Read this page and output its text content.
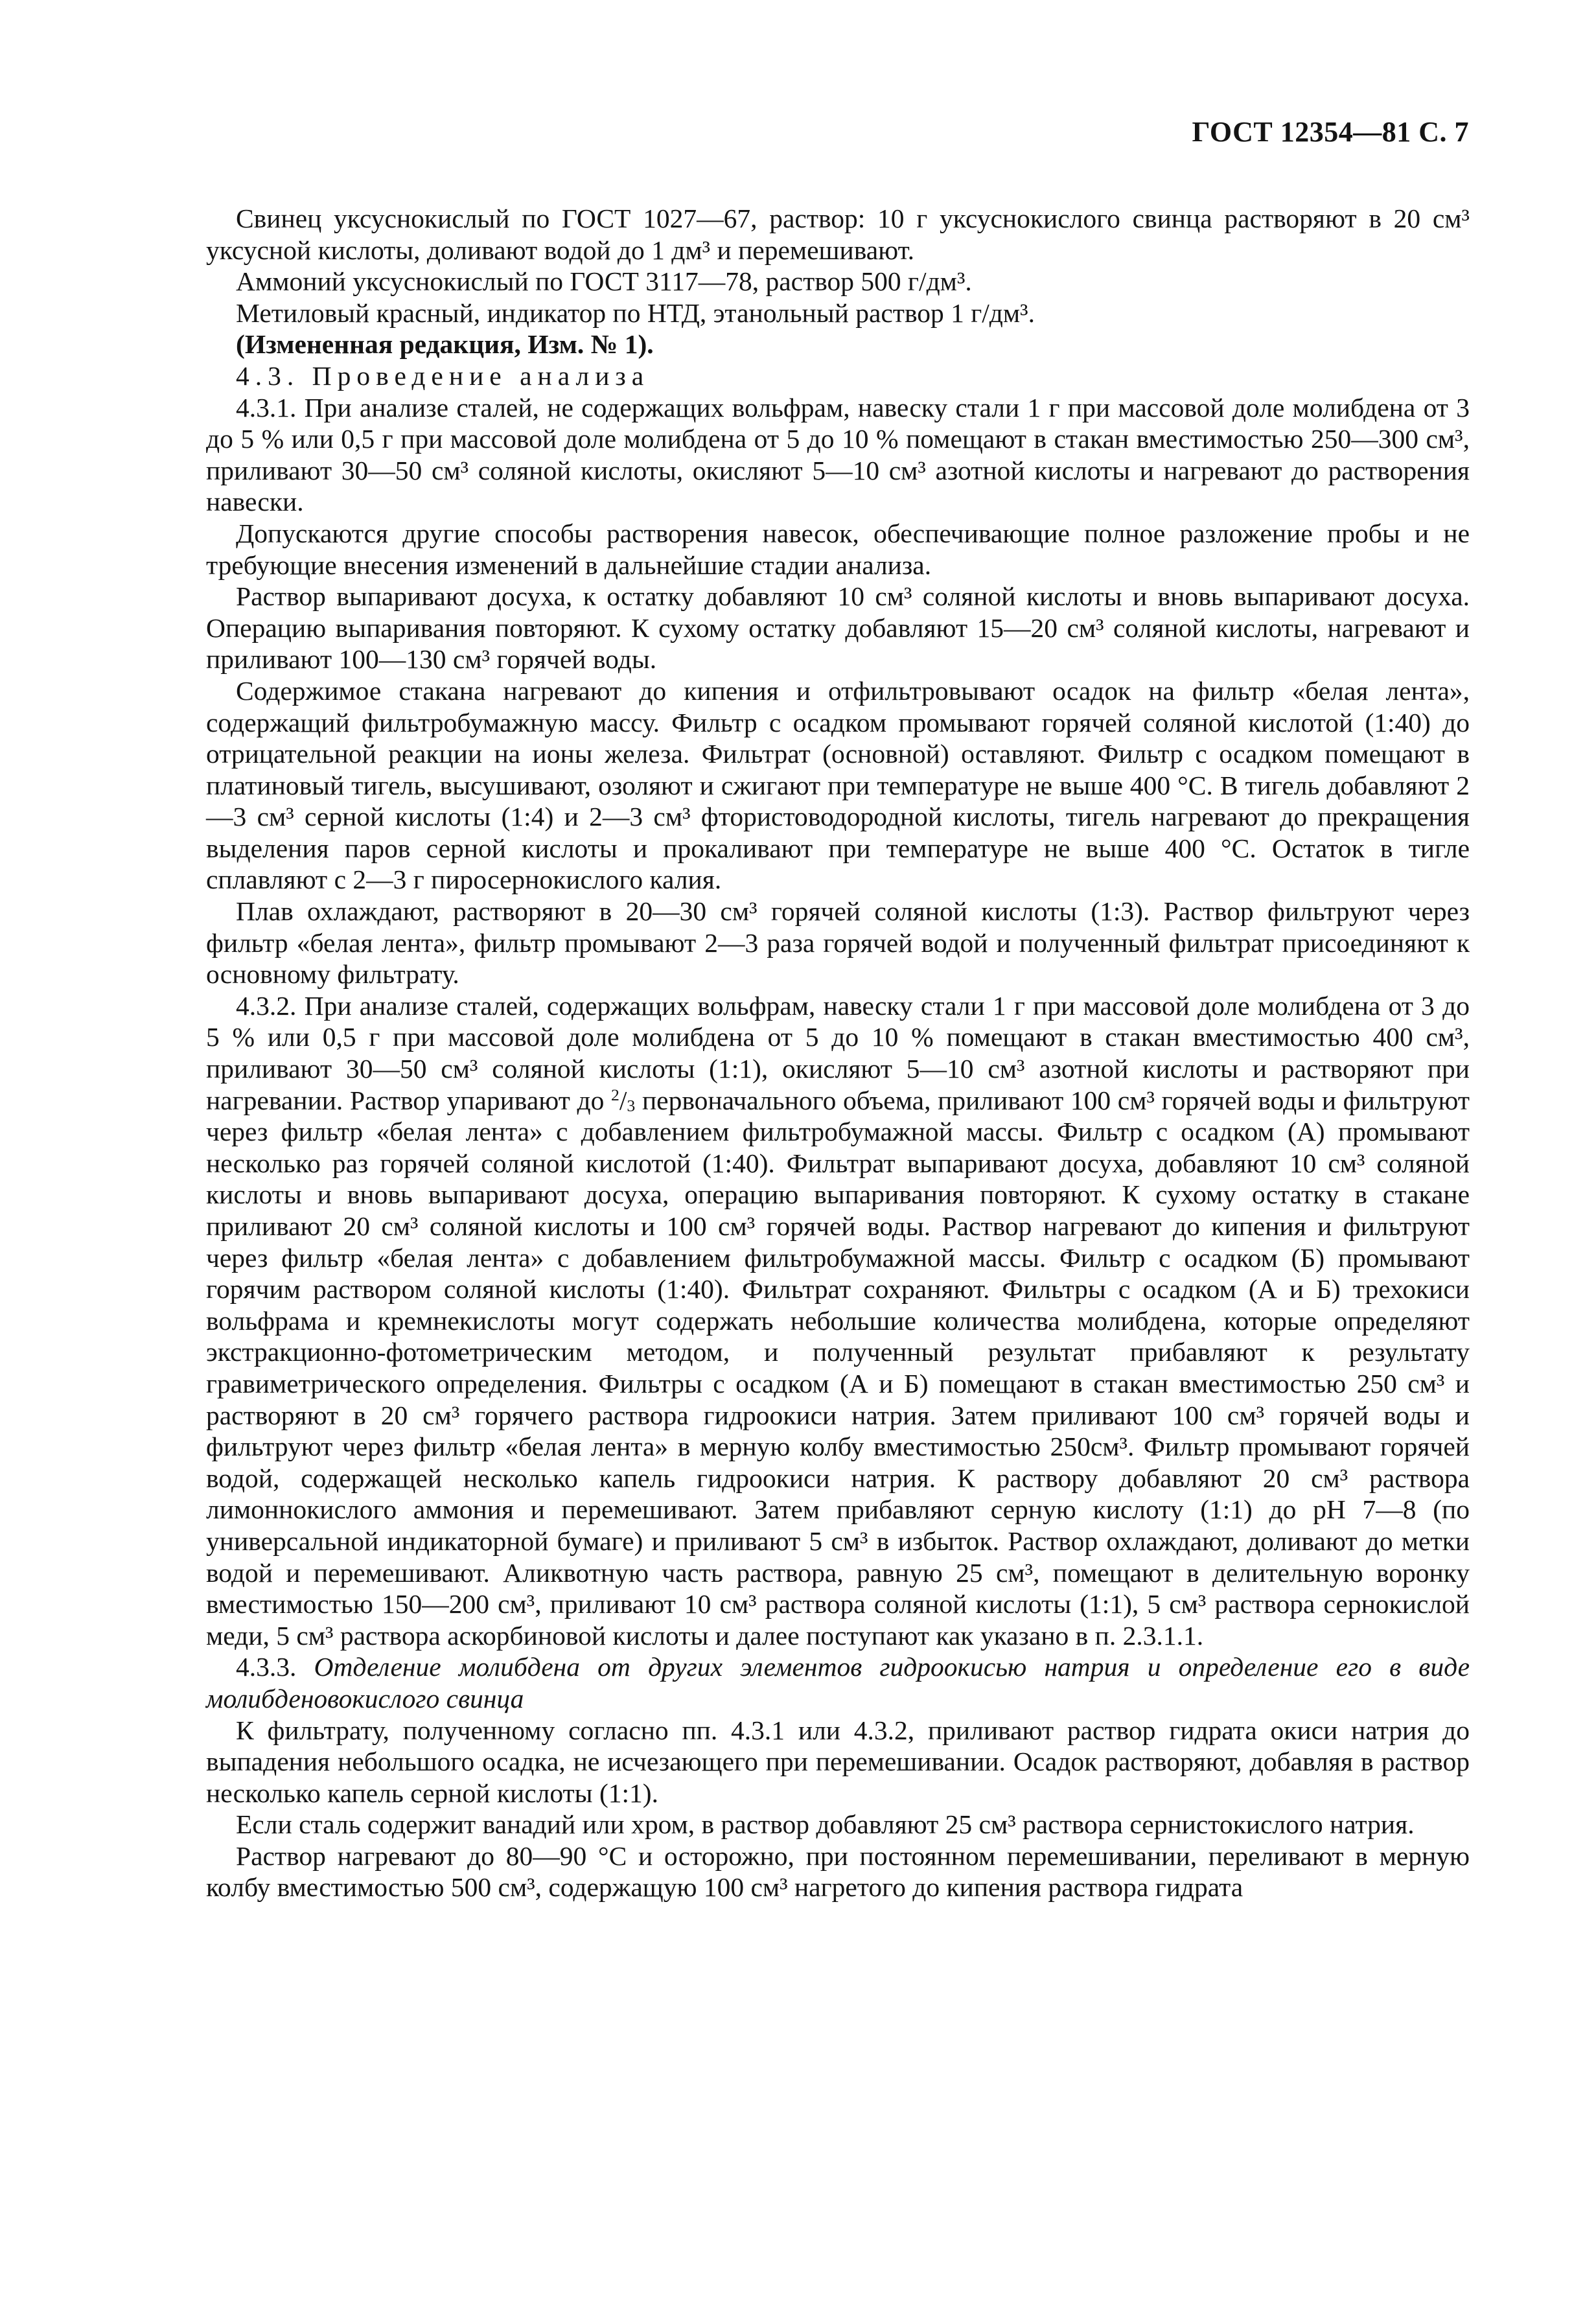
ГОСТ 12354—81 С. 7

Свинец уксуснокислый по ГОСТ 1027—67, раствор: 10 г уксуснокислого свинца растворяют в 20 см³ уксусной кислоты, доливают водой до 1 дм³ и перемешивают.

Аммоний уксуснокислый по ГОСТ 3117—78, раствор 500 г/дм³.

Метиловый красный, индикатор по НТД, этанольный раствор 1 г/дм³.

(Измененная редакция, Изм. № 1).

4.3. Проведение анализа

4.3.1. При анализе сталей, не содержащих вольфрам, навеску стали 1 г при массовой доле молибдена от 3 до 5 % или 0,5 г при массовой доле молибдена от 5 до 10 % помещают в стакан вместимостью 250—300 см³, приливают 30—50 см³ соляной кислоты, окисляют 5—10 см³ азотной кислоты и нагревают до растворения навески.

Допускаются другие способы растворения навесок, обеспечивающие полное разложение пробы и не требующие внесения изменений в дальнейшие стадии анализа.

Раствор выпаривают досуха, к остатку добавляют 10 см³ соляной кислоты и вновь выпаривают досуха. Операцию выпаривания повторяют. К сухому остатку добавляют 15—20 см³ соляной кислоты, нагревают и приливают 100—130 см³ горячей воды.

Содержимое стакана нагревают до кипения и отфильтровывают осадок на фильтр «белая лента», содержащий фильтробумажную массу. Фильтр с осадком промывают горячей соляной кислотой (1:40) до отрицательной реакции на ионы железа. Фильтрат (основной) оставляют. Фильтр с осадком помещают в платиновый тигель, высушивают, озоляют и сжигают при температуре не выше 400 °С. В тигель добавляют 2—3 см³ серной кислоты (1:4) и 2—3 см³ фтористоводородной кислоты, тигель нагревают до прекращения выделения паров серной кислоты и прокаливают при температуре не выше 400 °С. Остаток в тигле сплавляют с 2—3 г пиросернокислого калия.

Плав охлаждают, растворяют в 20—30 см³ горячей соляной кислоты (1:3). Раствор фильтруют через фильтр «белая лента», фильтр промывают 2—3 раза горячей водой и полученный фильтрат присоединяют к основному фильтрату.

4.3.2. При анализе сталей, содержащих вольфрам, навеску стали 1 г при массовой доле молибдена от 3 до 5 % или 0,5 г при массовой доле молибдена от 5 до 10 % помещают в стакан вместимостью 400 см³, приливают 30—50 см³ соляной кислоты (1:1), окисляют 5—10 см³ азотной кислоты и растворяют при нагревании. Раствор упаривают до $^2/_3$ первоначального объема, приливают 100 см³ горячей воды и фильтруют через фильтр «белая лента» с добавлением фильтробумажной массы. Фильтр с осадком (А) промывают несколько раз горячей соляной кислотой (1:40). Фильтрат выпаривают досуха, добавляют 10 см³ соляной кислоты и вновь выпаривают досуха, операцию выпаривания повторяют. К сухому остатку в стакане приливают 20 см³ соляной кислоты и 100 см³ горячей воды. Раствор нагревают до кипения и фильтруют через фильтр «белая лента» с добавлением фильтробумажной массы. Фильтр с осадком (Б) промывают горячим раствором соляной кислоты (1:40). Фильтрат сохраняют. Фильтры с осадком (А и Б) трехокиси вольфрама и кремнекислоты могут содержать небольшие количества молибдена, которые определяют экстракционно-фотометрическим методом, и полученный результат прибавляют к результату гравиметрического определения. Фильтры с осадком (А и Б) помещают в стакан вместимостью 250 см³ и растворяют в 20 см³ горячего раствора гидроокиси натрия. Затем приливают 100 см³ горячей воды и фильтруют через фильтр «белая лента» в мерную колбу вместимостью 250см³. Фильтр промывают горячей водой, содержащей несколько капель гидроокиси натрия. К раствору добавляют 20 см³ раствора лимоннокислого аммония и перемешивают. Затем прибавляют серную кислоту (1:1) до рН 7—8 (по универсальной индикаторной бумаге) и приливают 5 см³ в избыток. Раствор охлаждают, доливают до метки водой и перемешивают. Аликвотную часть раствора, равную 25 см³, помещают в делительную воронку вместимостью 150—200 см³, приливают 10 см³ раствора соляной кислоты (1:1), 5 см³ раствора сернокислой меди, 5 см³ раствора аскорбиновой кислоты и далее поступают как указано в п. 2.3.1.1.

4.3.3. Отделение молибдена от других элементов гидроокисью натрия и определение его в виде молибденовокислого свинца

К фильтрату, полученному согласно пп. 4.3.1 или 4.3.2, приливают раствор гидрата окиси натрия до выпадения небольшого осадка, не исчезающего при перемешивании. Осадок растворяют, добавляя в раствор несколько капель серной кислоты (1:1).

Если сталь содержит ванадий или хром, в раствор добавляют 25 см³ раствора сернистокислого натрия.

Раствор нагревают до 80—90 °С и осторожно, при постоянном перемешивании, переливают в мерную колбу вместимостью 500 см³, содержащую 100 см³ нагретого до кипения раствора гидрата
